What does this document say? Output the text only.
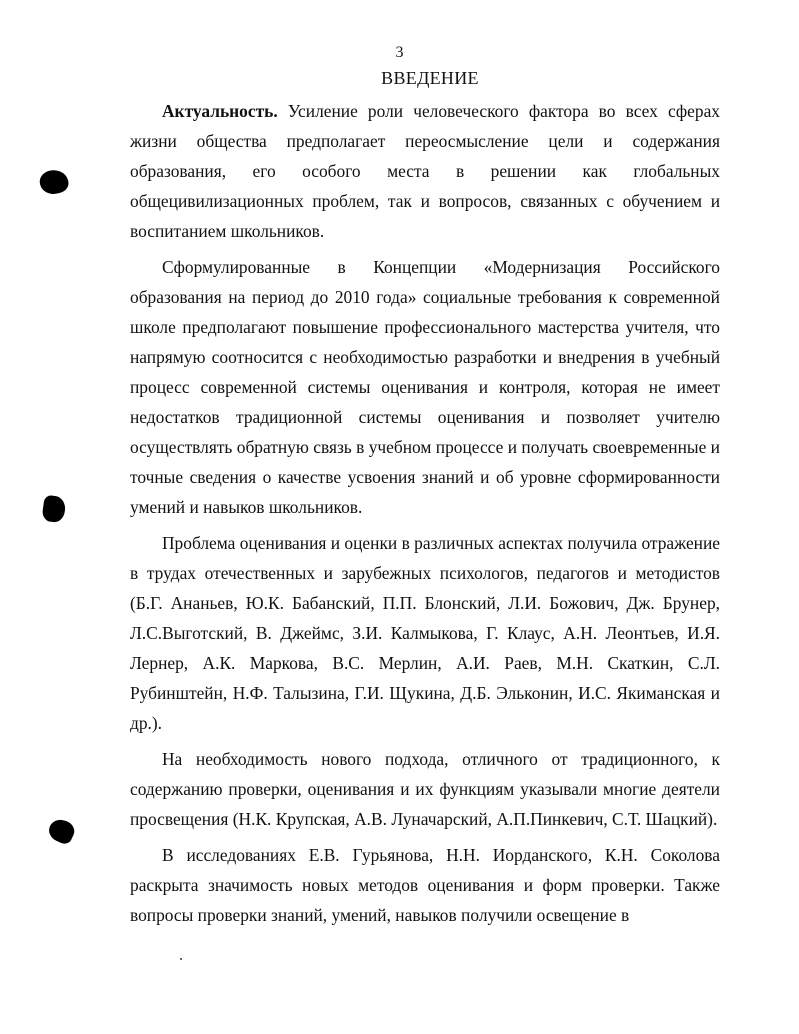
3
ВВЕДЕНИЕ

Актуальность. Усиление роли человеческого фактора во всех сферах жизни общества предполагает переосмысление цели и содержания образования, его особого места в решении как глобальных общецивилизационных проблем, так и вопросов, связанных с обучением и воспитанием школьников.

Сформулированные в Концепции «Модернизация Российского образования на период до 2010 года» социальные требования к современной школе предполагают повышение профессионального мастерства учителя, что напрямую соотносится с необходимостью разработки и внедрения в учебный процесс современной системы оценивания и контроля, которая не имеет недостатков традиционной системы оценивания и позволяет учителю осуществлять обратную связь в учебном процессе и получать своевременные и точные сведения о качестве усвоения знаний и об уровне сформированности умений и навыков школьников.

Проблема оценивания и оценки в различных аспектах получила отражение в трудах отечественных и зарубежных психологов, педагогов и методистов (Б.Г. Ананьев, Ю.К. Бабанский, П.П. Блонский, Л.И. Божович, Дж. Брунер, Л.С.Выготский, В. Джеймс, З.И. Калмыкова, Г. Клаус, А.Н. Леонтьев, И.Я. Лернер, А.К. Маркова, В.С. Мерлин, А.И. Раев, М.Н. Скаткин, С.Л. Рубинштейн, Н.Ф. Талызина, Г.И. Щукина, Д.Б. Эльконин, И.С. Якиманская и др.).

На необходимость нового подхода, отличного от традиционного, к содержанию проверки, оценивания и их функциям указывали многие деятели просвещения (Н.К. Крупская, А.В. Луначарский, А.П.Пинкевич, С.Т. Шацкий).

В исследованиях Е.В. Гурьянова, Н.Н. Иорданского, К.Н. Соколова раскрыта значимость новых методов оценивания и форм проверки. Также вопросы проверки знаний, умений, навыков получили освещение в
